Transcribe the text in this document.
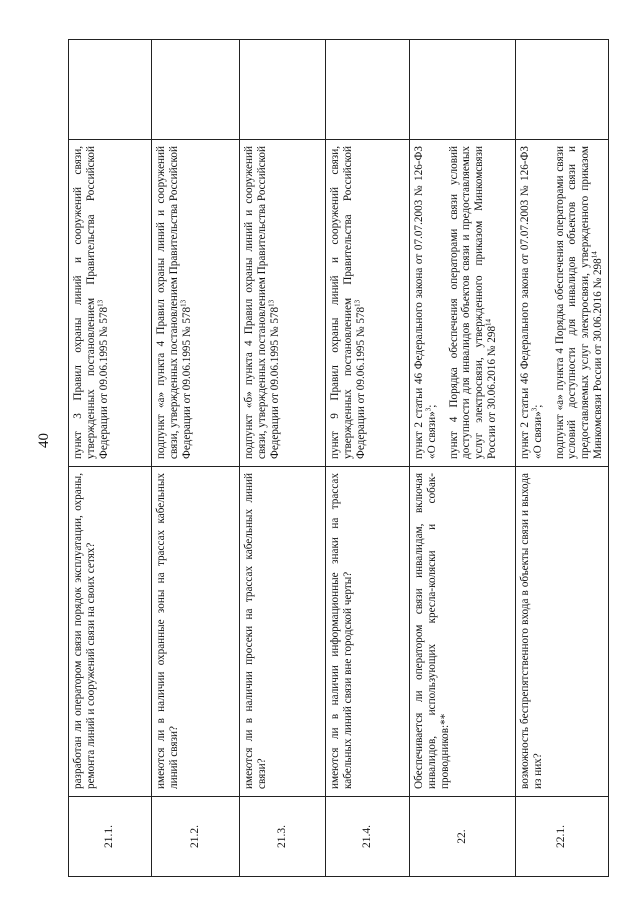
40
21.1.	разработан ли оператором связи порядок эксплуатации, охраны, ремонта линий и сооружений связи на своих сетях?	пункт 3 Правил охраны линий и сооружений связи, утвержденных постановлением Правительства Российской Федерации от 09.06.1995 № $578^{13}$

21.2.	имеются ли в наличии охранные зоны на трассах кабельных линий связи?	подпункт «а» пункта 4 Правил охраны линий и сооружений связи, утвержденных постановлением Правительства Российской Федерации от 09.06.1995 № $578^{13}$

21.3.	имеются ли в наличии просеки на трассах кабельных линий связи?	подпункт «б» пункта 4 Правил охраны линий и сооружений связи, утвержденных постановлением Правительства Российской Федерации от 09.06.1995 № $578^{13}$

21.4.	имеются ли в наличии информационные знаки на трассах кабельных линий связи вне городской черты?	пункт 9 Правил охраны линий и сооружений связи, утвержденных постановлением Правительства Российской Федерации от 09.06.1995 № $578^{13}$

22.	Обеспечивается ли оператором связи инвалидам, включая инвалидов, использующих кресла-коляски и собак-проводников:**	пункт 2 статьи 46 Федерального закона от 07.07.2003 № 126-ФЗ «О связи»$^3$; пункт 4 Порядка обеспечения операторами связи условий доступности для инвалидов объектов связи и предоставляемых услуг электросвязи, утвержденного приказом Минкомсвязи России от 30.06.2016 № $298^{14}$

22.1.	возможность беспрепятственного входа в объекты связи и выхода из них?	пункт 2 статьи 46 Федерального закона от 07.07.2003 № 126-ФЗ «О связи»$^3$; подпункт «а» пункта 4 Порядка обеспечения операторами связи условий доступности для инвалидов объектов связи и предоставляемых услуг электросвязи, утвержденного приказом Минкомсвязи России от 30.06.2016 № $298^{14}$
